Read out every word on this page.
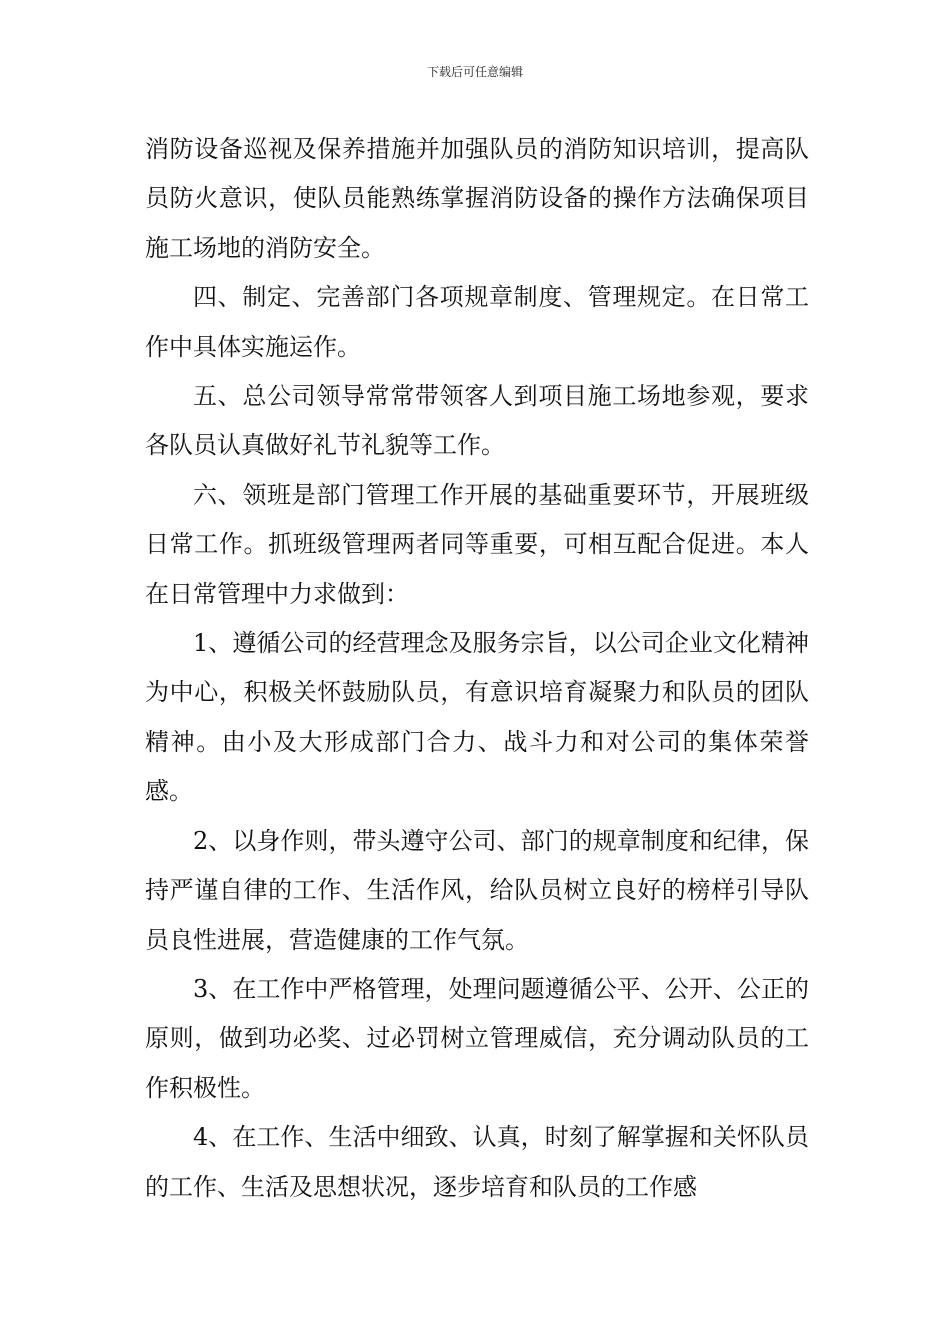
下载后可任意编辑

消防设备巡视及保养措施并加强队员的消防知识培训，提高队员防火意识，使队员能熟练掌握消防设备的操作方法确保项目施工场地的消防安全。

四、制定、完善部门各项规章制度、管理规定。在日常工作中具体实施运作。

五、总公司领导常常带领客人到项目施工场地参观，要求各队员认真做好礼节礼貌等工作。

六、领班是部门管理工作开展的基础重要环节，开展班级日常工作。抓班级管理两者同等重要，可相互配合促进。本人在日常管理中力求做到：

1、遵循公司的经营理念及服务宗旨，以公司企业文化精神为中心，积极关怀鼓励队员，有意识培育凝聚力和队员的团队精神。由小及大形成部门合力、战斗力和对公司的集体荣誉感。

2、以身作则，带头遵守公司、部门的规章制度和纪律，保持严谨自律的工作、生活作风，给队员树立良好的榜样引导队员良性进展，营造健康的工作气氛。

3、在工作中严格管理，处理问题遵循公平、公开、公正的原则，做到功必奖、过必罚树立管理威信，充分调动队员的工作积极性。

4、在工作、生活中细致、认真，时刻了解掌握和关怀队员的工作、生活及思想状况，逐步培育和队员的工作感
